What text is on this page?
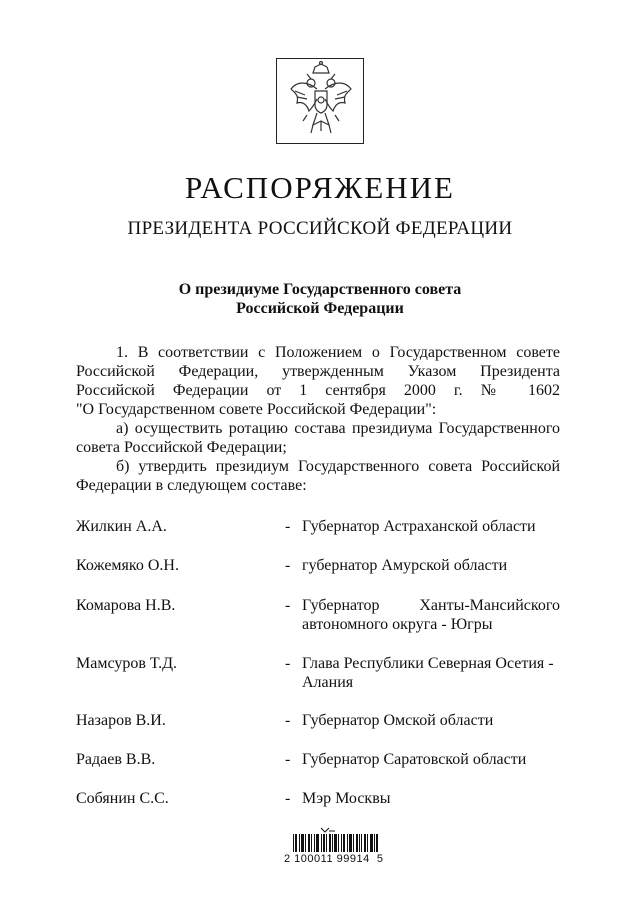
РАСПОРЯЖЕНИЕ
ПРЕЗИДЕНТА РОССИЙСКОЙ ФЕДЕРАЦИИ
О президиуме Государственного совета
Российской Федерации
1. В соответствии с Положением о Государственном совете
Российской Федерации, утвержденным Указом Президента
Российской Федерации от 1 сентября 2000 г. № 1602
"О Государственном совете Российской Федерации":
а) осуществить ротацию состава президиума Государственного
совета Российской Федерации;
б) утвердить президиум Государственного совета Российской
Федерации в следующем составе:
Жилкин А.А.	- Губернатор Астраханской области
Кожемяко О.Н.	- губернатор Амурской области
Комарова Н.В.	- Губернатор Ханты-Мансийского
автономного округа - Югры
Мамсуров Т.Д.	- Глава Республики Северная Осетия -
Алания
Назаров В.И.	- Губернатор Омской области
Радаев В.В.	- Губернатор Саратовской области
Собянин С.С.	- Мэр Москвы
2 100011 99914  5
